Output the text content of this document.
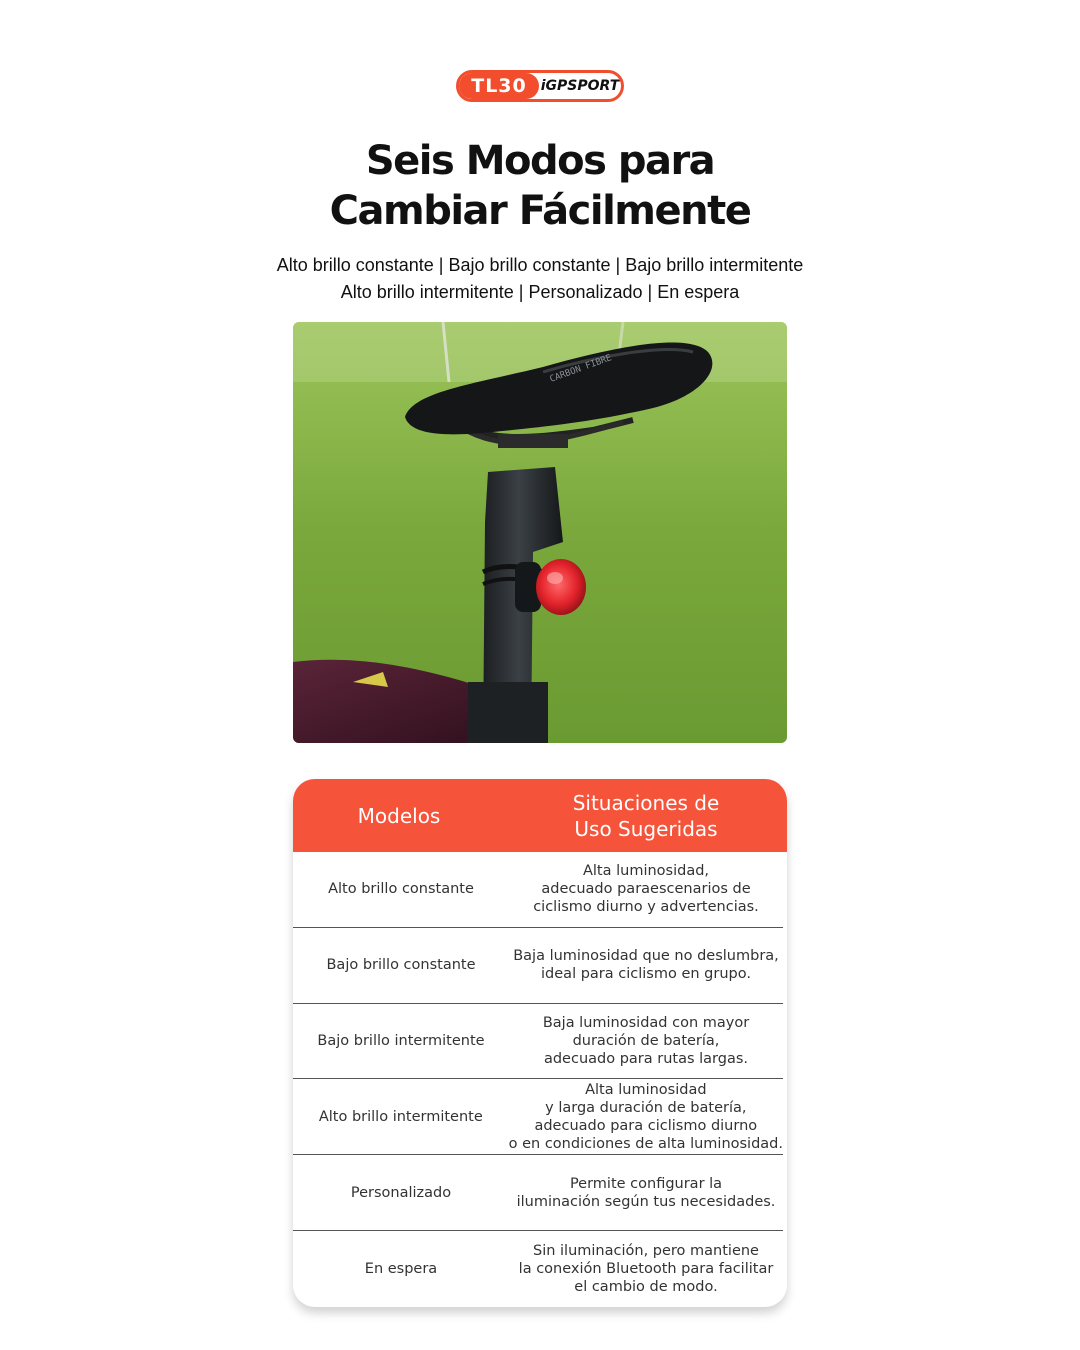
TL30	iGPSPORT
Seis Modos para
Cambiar Fácilmente
Alto brillo constante | Bajo brillo constante | Bajo brillo intermitente
Alto brillo intermitente | Personalizado | En espera
CARBON FIBRE
Modelos
Situaciones de
Uso Sugeridas
Alto brillo constante
Alta luminosidad,
adecuado paraescenarios de
ciclismo diurno y advertencias.
Bajo brillo constante
Baja luminosidad que no deslumbra,
ideal para ciclismo en grupo.
Bajo brillo intermitente
Baja luminosidad con mayor
duración de batería,
adecuado para rutas largas.
Alto brillo intermitente
Alta luminosidad
y larga duración de batería,
adecuado para ciclismo diurno
o en condiciones de alta luminosidad.
Personalizado
Permite configurar la
iluminación según tus necesidades.
En espera
Sin iluminación, pero mantiene
la conexión Bluetooth para facilitar
el cambio de modo.
